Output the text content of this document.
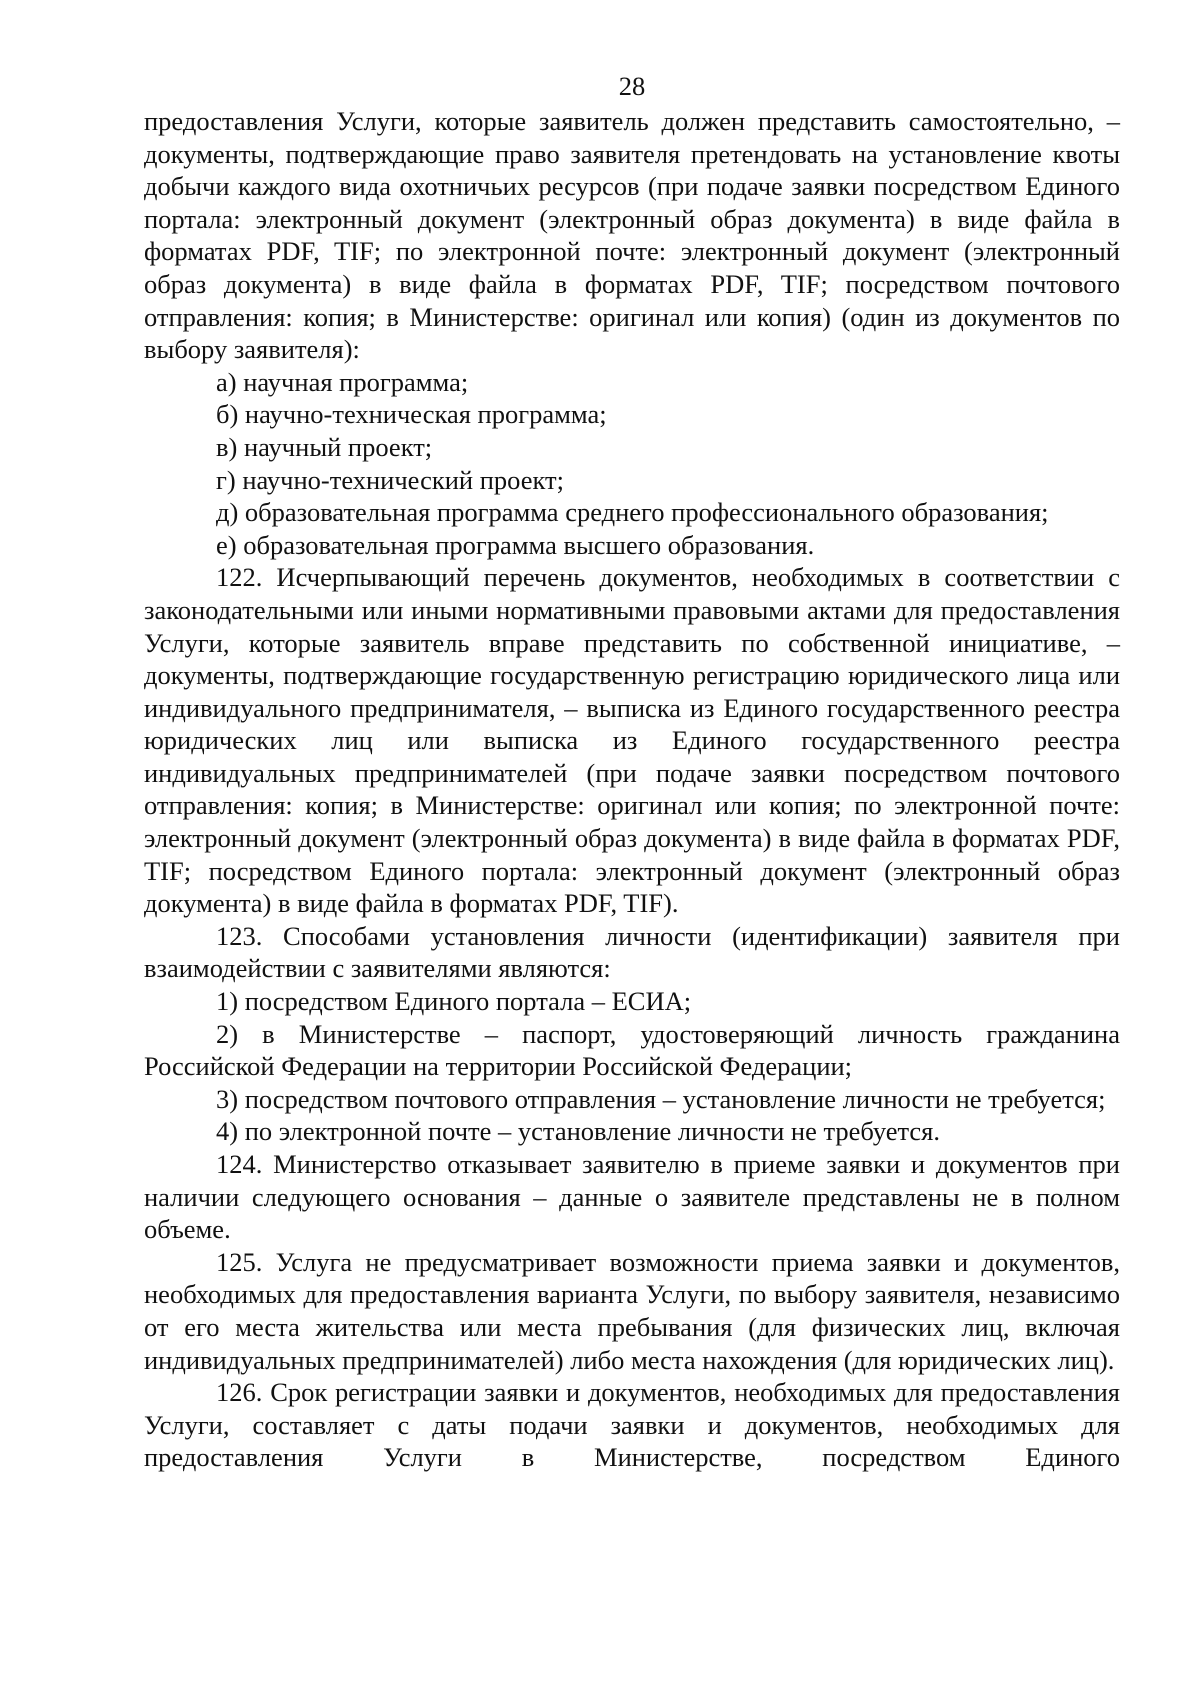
28

предоставления Услуги, которые заявитель должен представить самостоятельно, – документы, подтверждающие право заявителя претендовать на установление квоты добычи каждого вида охотничьих ресурсов (при подаче заявки посредством Единого портала: электронный документ (электронный образ документа) в виде файла в форматах PDF, TIF; по электронной почте: электронный документ (электронный образ документа) в виде файла в форматах PDF, TIF; посредством почтового отправления: копия; в Министерстве: оригинал или копия) (один из документов по выбору заявителя):

а) научная программа;

б) научно-техническая программа;

в) научный проект;

г) научно-технический проект;

д) образовательная программа среднего профессионального образования;

е) образовательная программа высшего образования.

122. Исчерпывающий перечень документов, необходимых в соответствии с законодательными или иными нормативными правовыми актами для предоставления Услуги, которые заявитель вправе представить по собственной инициативе, – документы, подтверждающие государственную регистрацию юридического лица или индивидуального предпринимателя, – выписка из Единого государственного реестра юридических лиц или выписка из Единого государственного реестра индивидуальных предпринимателей (при подаче заявки посредством почтового отправления: копия; в Министерстве: оригинал или копия; по электронной почте: электронный документ (электронный образ документа) в виде файла в форматах PDF, TIF; посредством Единого портала: электронный документ (электронный образ документа) в виде файла в форматах PDF, TIF).

123. Способами установления личности (идентификации) заявителя при взаимодействии с заявителями являются:

1) посредством Единого портала – ЕСИА;

2) в Министерстве – паспорт, удостоверяющий личность гражданина Российской Федерации на территории Российской Федерации;

3) посредством почтового отправления – установление личности не требуется;

4) по электронной почте – установление личности не требуется.

124. Министерство отказывает заявителю в приеме заявки и документов при наличии следующего основания – данные о заявителе представлены не в полном объеме.

125. Услуга не предусматривает возможности приема заявки и документов, необходимых для предоставления варианта Услуги, по выбору заявителя, независимо от его места жительства или места пребывания (для физических лиц, включая индивидуальных предпринимателей) либо места нахождения (для юридических лиц).

126. Срок регистрации заявки и документов, необходимых для предоставления Услуги, составляет с даты подачи заявки и документов, необходимых для предоставления Услуги в Министерстве, посредством Единого
